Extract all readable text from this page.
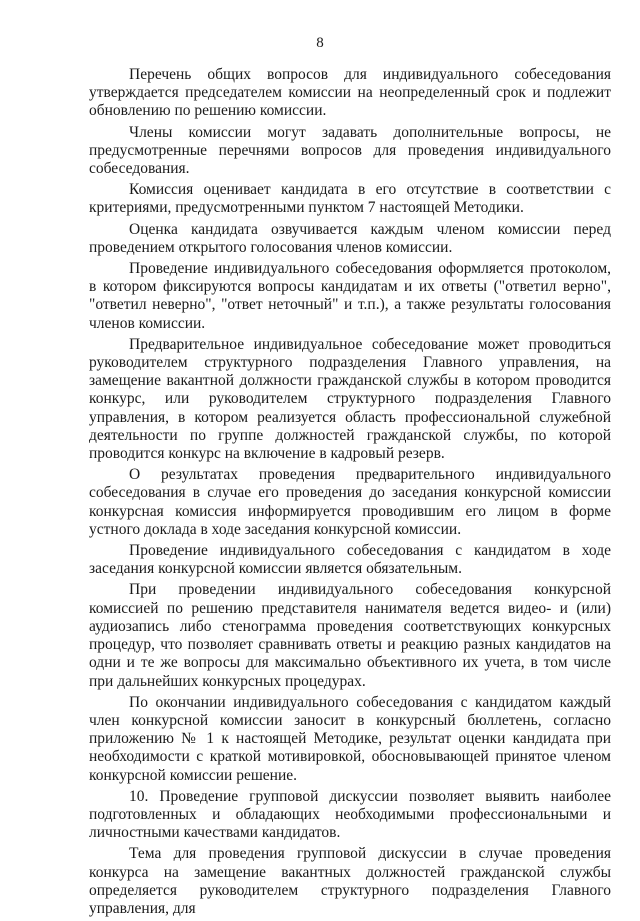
8

Перечень общих вопросов для индивидуального собеседования утверждается председателем комиссии на неопределенный срок и подлежит обновлению по решению комиссии.

Члены комиссии могут задавать дополнительные вопросы, не предусмотренные перечнями вопросов для проведения индивидуального собеседования.

Комиссия оценивает кандидата в его отсутствие в соответствии с критериями, предусмотренными пунктом 7 настоящей Методики.

Оценка кандидата озвучивается каждым членом комиссии перед проведением открытого голосования членов комиссии.

Проведение индивидуального собеседования оформляется протоколом, в котором фиксируются вопросы кандидатам и их ответы ("ответил верно", "ответил неверно", "ответ неточный" и т.п.), а также результаты голосования членов комиссии.

Предварительное индивидуальное собеседование может проводиться руководителем структурного подразделения Главного управления, на замещение вакантной должности гражданской службы в котором проводится конкурс, или руководителем структурного подразделения Главного управления, в котором реализуется область профессиональной служебной деятельности по группе должностей гражданской службы, по которой проводится конкурс на включение в кадровый резерв.

О результатах проведения предварительного индивидуального собеседования в случае его проведения до заседания конкурсной комиссии конкурсная комиссия информируется проводившим его лицом в форме устного доклада в ходе заседания конкурсной комиссии.

Проведение индивидуального собеседования с кандидатом в ходе заседания конкурсной комиссии является обязательным.

При проведении индивидуального собеседования конкурсной комиссией по решению представителя нанимателя ведется видео- и (или) аудиозапись либо стенограмма проведения соответствующих конкурсных процедур, что позволяет сравнивать ответы и реакцию разных кандидатов на одни и те же вопросы для максимально объективного их учета, в том числе при дальнейших конкурсных процедурах.

По окончании индивидуального собеседования с кандидатом каждый член конкурсной комиссии заносит в конкурсный бюллетень, согласно приложению № 1 к настоящей Методике, результат оценки кандидата при необходимости с краткой мотивировкой, обосновывающей принятое членом конкурсной комиссии решение.

10. Проведение групповой дискуссии позволяет выявить наиболее подготовленных и обладающих необходимыми профессиональными и личностными качествами кандидатов.

Тема для проведения групповой дискуссии в случае проведения конкурса на замещение вакантных должностей гражданской службы определяется руководителем структурного подразделения Главного управления, для
